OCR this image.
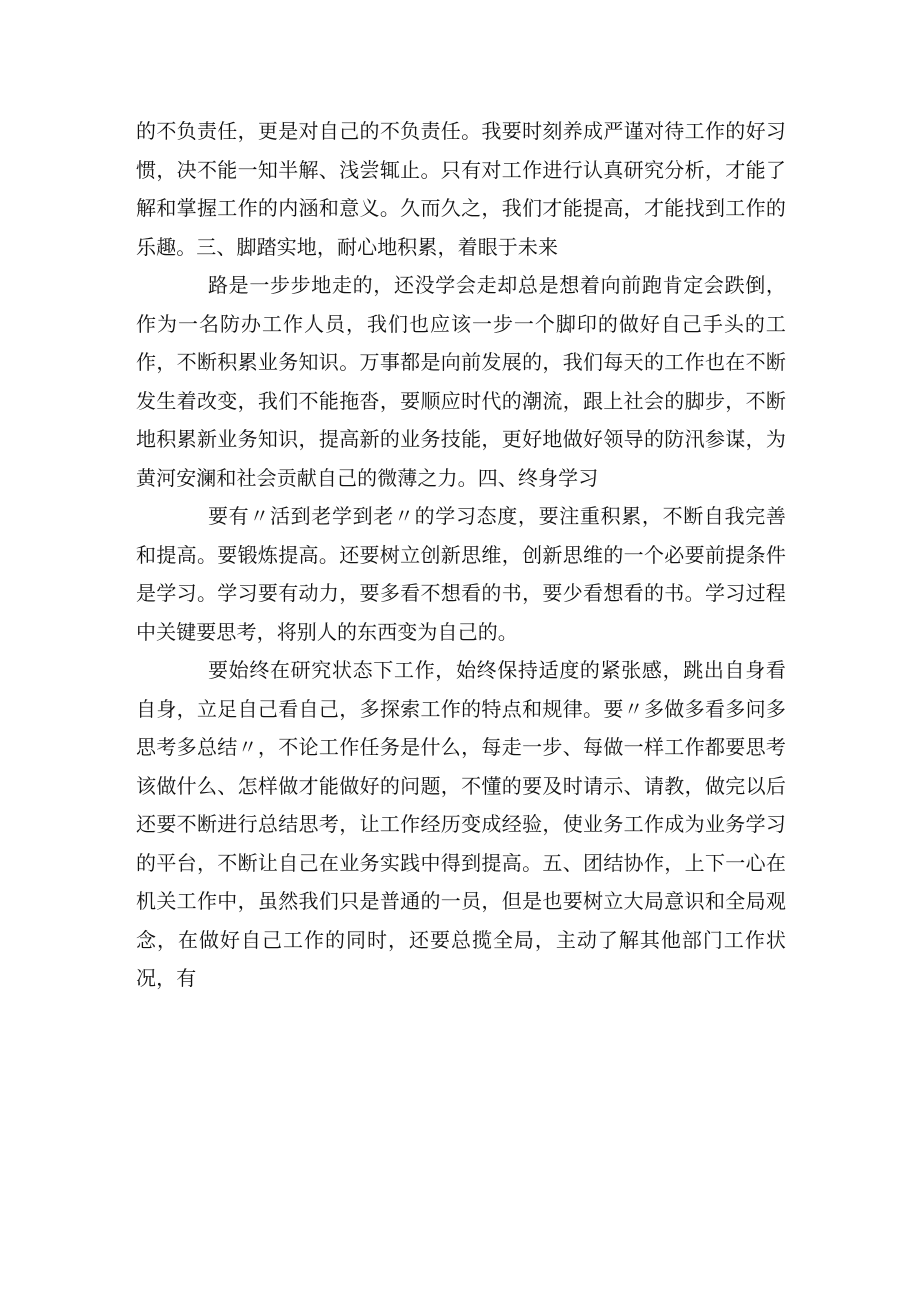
的不负责任，更是对自己的不负责任。我要时刻养成严谨对待工作的好习惯，决不能一知半解、浅尝辄止。只有对工作进行认真研究分析，才能了解和掌握工作的内涵和意义。久而久之，我们才能提高，才能找到工作的乐趣。三、脚踏实地，耐心地积累，着眼于未来

路是一步步地走的，还没学会走却总是想着向前跑肯定会跌倒，作为一名防办工作人员，我们也应该一步一个脚印的做好自己手头的工作，不断积累业务知识。万事都是向前发展的，我们每天的工作也在不断发生着改变，我们不能拖沓，要顺应时代的潮流，跟上社会的脚步，不断地积累新业务知识，提高新的业务技能，更好地做好领导的防汛参谋，为黄河安澜和社会贡献自己的微薄之力。四、终身学习

要有〃活到老学到老〃的学习态度，要注重积累，不断自我完善和提高。要锻炼提高。还要树立创新思维，创新思维的一个必要前提条件是学习。学习要有动力，要多看不想看的书，要少看想看的书。学习过程中关键要思考，将别人的东西变为自己的。

要始终在研究状态下工作，始终保持适度的紧张感，跳出自身看自身，立足自己看自己，多探索工作的特点和规律。要〃多做多看多问多思考多总结〃，不论工作任务是什么，每走一步、每做一样工作都要思考该做什么、怎样做才能做好的问题，不懂的要及时请示、请教，做完以后还要不断进行总结思考，让工作经历变成经验，使业务工作成为业务学习的平台，不断让自己在业务实践中得到提高。五、团结协作，上下一心在机关工作中，虽然我们只是普通的一员，但是也要树立大局意识和全局观念，在做好自己工作的同时，还要总揽全局，主动了解其他部门工作状况，有
